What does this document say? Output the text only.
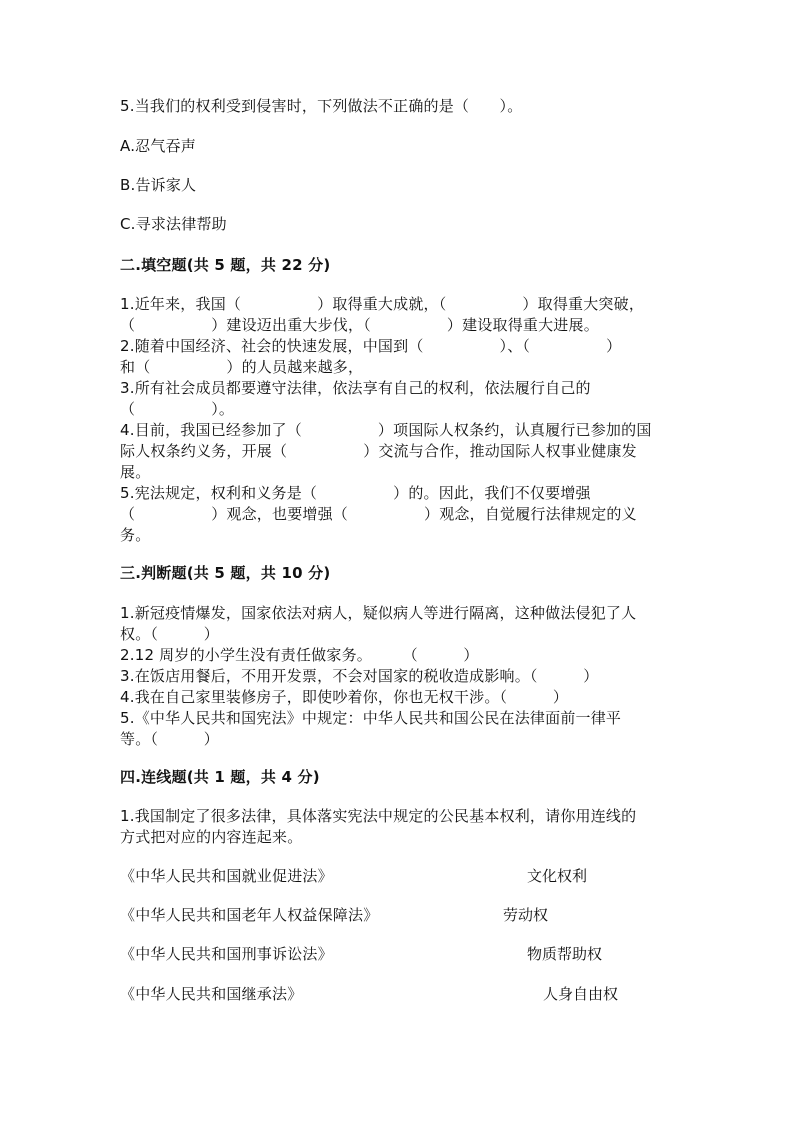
5.当我们的权利受到侵害时，下列做法不正确的是（　　）。
A.忍气吞声
B.告诉家人
C.寻求法律帮助
二.填空题(共 5 题，共 22 分)
1.近年来，我国（　　　　　）取得重大成就，（　　　　　）取得重大突破，
（　　　　　）建设迈出重大步伐，（　　　　　）建设取得重大进展。
2.随着中国经济、社会的快速发展，中国到（　　　　　）、（　　　　　）
和（　　　　　）的人员越来越多，
3.所有社会成员都要遵守法律，依法享有自己的权利，依法履行自己的
（　　　　　）。
4.目前，我国已经参加了（　　　　　）项国际人权条约，认真履行已参加的国
际人权条约义务，开展（　　　　　）交流与合作，推动国际人权事业健康发
展。
5.宪法规定，权利和义务是（　　　　　）的。因此，我们不仅要增强
（　　　　　）观念，也要增强（　　　　　）观念，自觉履行法律规定的义
务。
三.判断题(共 5 题，共 10 分)
1.新冠疫情爆发，国家依法对病人，疑似病人等进行隔离，这种做法侵犯了人
权。（　　　）
2.12 周岁的小学生没有责任做家务。　　　（　　　）
3.在饭店用餐后，不用开发票，不会对国家的税收造成影响。（　　　）
4.我在自己家里装修房子，即使吵着你，你也无权干涉。（　　　）
5.《中华人民共和国宪法》中规定：中华人民共和国公民在法律面前一律平
等。（　　　）
四.连线题(共 1 题，共 4 分)
1.我国制定了很多法律，具体落实宪法中规定的公民基本权利，请你用连线的
方式把对应的内容连起来。
《中华人民共和国就业促进法》
《中华人民共和国老年人权益保障法》
《中华人民共和国刑事诉讼法》
《中华人民共和国继承法》
文化权利
劳动权
物质帮助权
人身自由权
